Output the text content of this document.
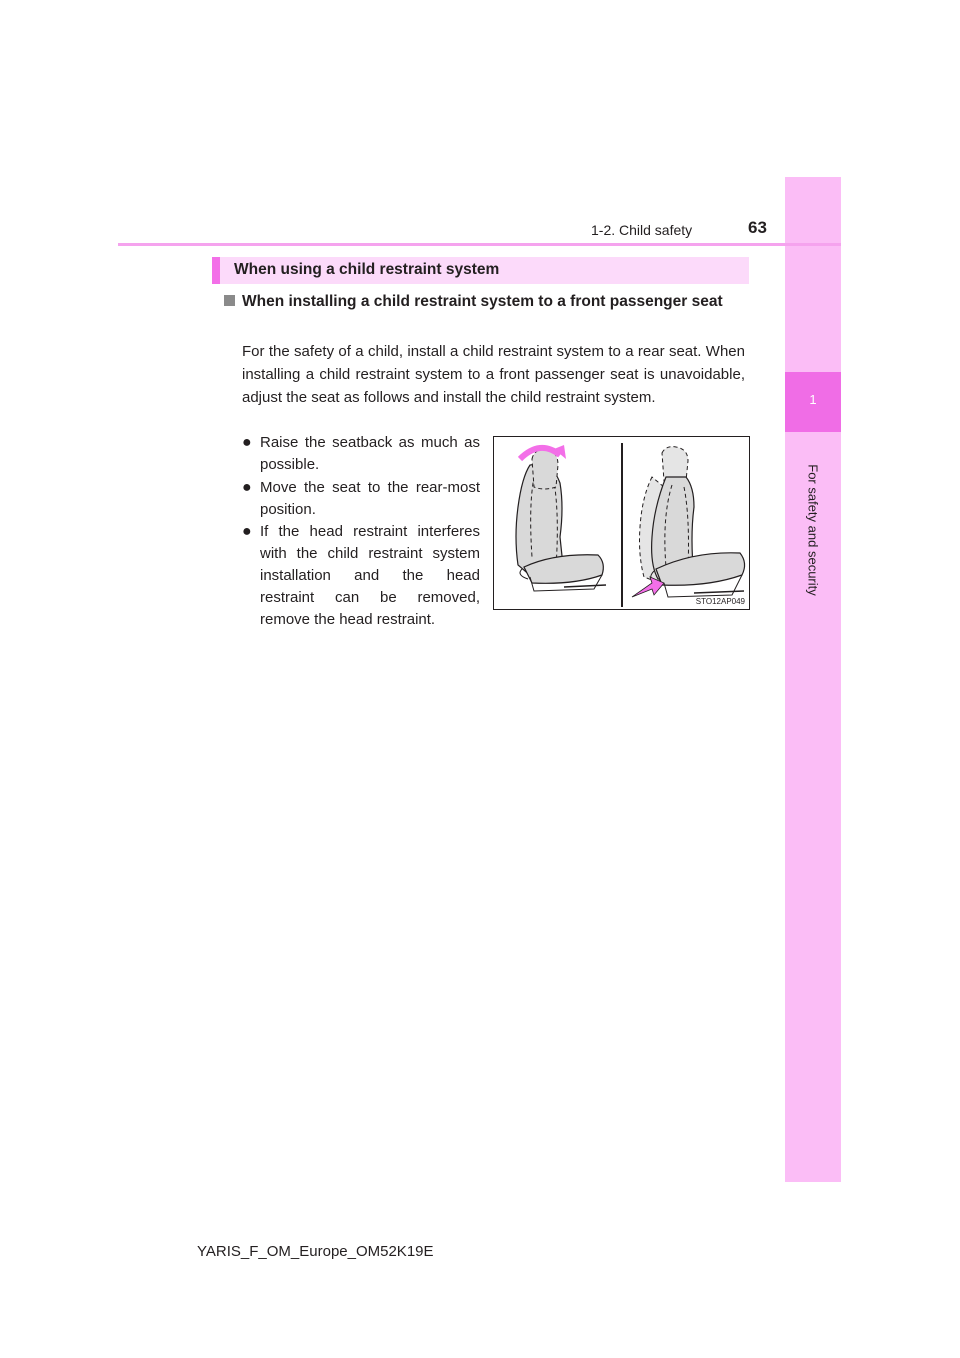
1
For safety and security
1-2. Child safety	63
When using a child restraint system
When installing a child restraint system to a front passenger seat
For the safety of a child, install a child restraint system to a rear seat. When installing a child restraint system to a front passenger seat is unavoidable, adjust the seat as follows and install the child restraint system.
● Raise the seatback as much as possible.
● Move the seat to the rear-most position.
● If the head restraint interferes with the child restraint system installation and the head restraint can be removed, remove the head restraint.
STO12AP049
YARIS_F_OM_Europe_OM52K19E
